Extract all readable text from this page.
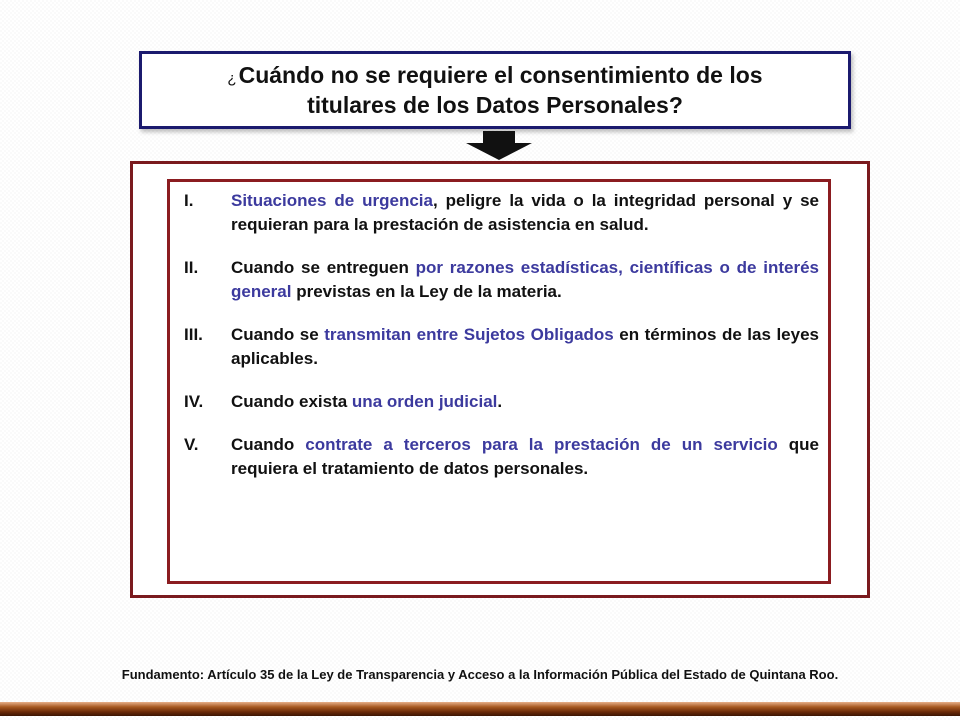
¿Cuándo no se requiere el consentimiento de los
titulares de los Datos Personales?
I. Situaciones de urgencia, peligre la vida o la integridad personal y se requieran para la prestación de asistencia en salud.
II. Cuando se entreguen por razones estadísticas, científicas o de interés general previstas en la Ley de la materia.
III. Cuando se transmitan entre Sujetos Obligados en términos de las leyes aplicables.
IV. Cuando exista una orden judicial.
V. Cuando contrate a terceros para la prestación de un servicio que requiera el tratamiento de datos personales.
Fundamento: Artículo 35 de la Ley de Transparencia y Acceso a la Información Pública del Estado de Quintana Roo.
